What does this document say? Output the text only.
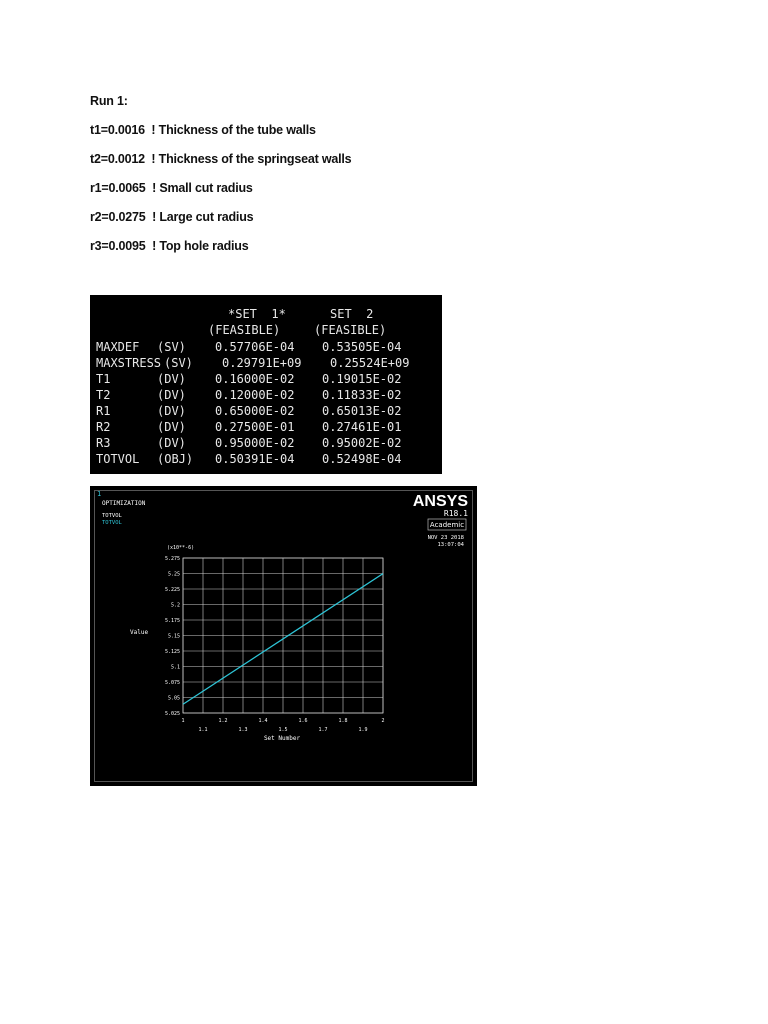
Run 1:
t1=0.0016  ! Thickness of the tube walls
t2=0.0012  ! Thickness of the springseat walls
r1=0.0065  ! Small cut radius
r2=0.0275  ! Large cut radius
r3=0.0095  ! Top hole radius
*SET  1*	SET  2
(FEASIBLE)	(FEASIBLE)
MAXDEF (SV) 0.57706E-04 0.53505E-04
MAXSTRESS (SV) 0.29791E+09 0.25524E+09
T1	(DV) 0.16000E-02 0.19015E-02
T2	(DV) 0.12000E-02 0.11833E-02
R1	(DV) 0.65000E-02 0.65013E-02
R2	(DV) 0.27500E-01 0.27461E-01
R3	(DV) 0.95000E-02 0.95002E-02
TOTVOL (OBJ) 0.50391E-04 0.52498E-04
1
OPTIMIZATION
TOTVOL
TOTVOL
ANSYS
R18.1
Academic
NOV 23 2018
13:07:04
(x10**-6)
Value
Set Number
5.275
5.25
5.225
5.2
5.175
5.15
5.125
5.1
5.075
5.05
5.025
1	1.2	1.4	1.6	1.8	2
1.1	1.3	1.5	1.7	1.9
